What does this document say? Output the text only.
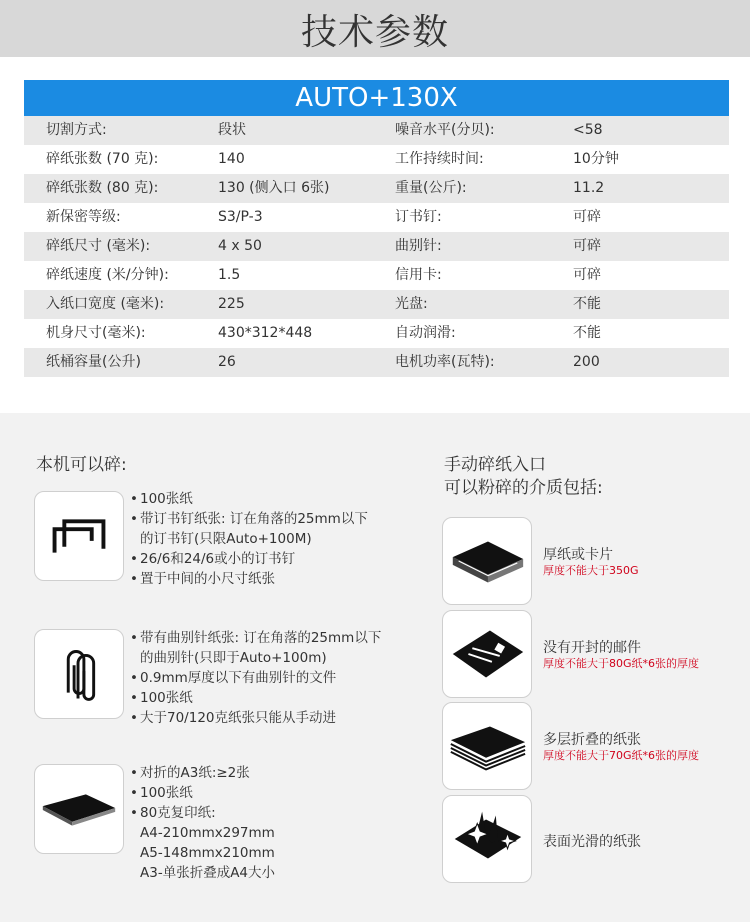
技术参数
AUTO+130X
切割方式:	段状	噪音水平(分贝):	<58
碎纸张数 (70 克):	140	工作持续时间:	10分钟
碎纸张数 (80 克):	130 (侧入口 6张)	重量(公斤):	11.2
新保密等级:	S3/P-3	订书钉:	可碎
碎纸尺寸 (毫米):	4 x 50	曲别针:	可碎
碎纸速度 (米/分钟):	1.5	信用卡:	可碎
入纸口宽度 (毫米):	225	光盘:	不能
机身尺寸(毫米):	430*312*448	自动润滑:	不能
纸桶容量(公升)	26	电机功率(瓦特):	200
本机可以碎:
• 100张纸
• 带订书钉纸张: 订在角落的25mm以下
的订书钉(只限Auto+100M)
• 26/6和24/6或小的订书钉
• 置于中间的小尺寸纸张
• 带有曲别针纸张: 订在角落的25mm以下
的曲别针(只即于Auto+100m)
• 0.9mm厚度以下有曲别针的文件
• 100张纸
• 大于70/120克纸张只能从手动进
• 对折的A3纸:≥2张
• 100张纸
• 80克复印纸:
A4-210mmx297mm
A5-148mmx210mm
A3-单张折叠成A4大小
手动碎纸入口
可以粉碎的介质包括:
厚纸或卡片
厚度不能大于350G
没有开封的邮件
厚度不能大于80G纸*6张的厚度
多层折叠的纸张
厚度不能大于70G纸*6张的厚度
表面光滑的纸张
